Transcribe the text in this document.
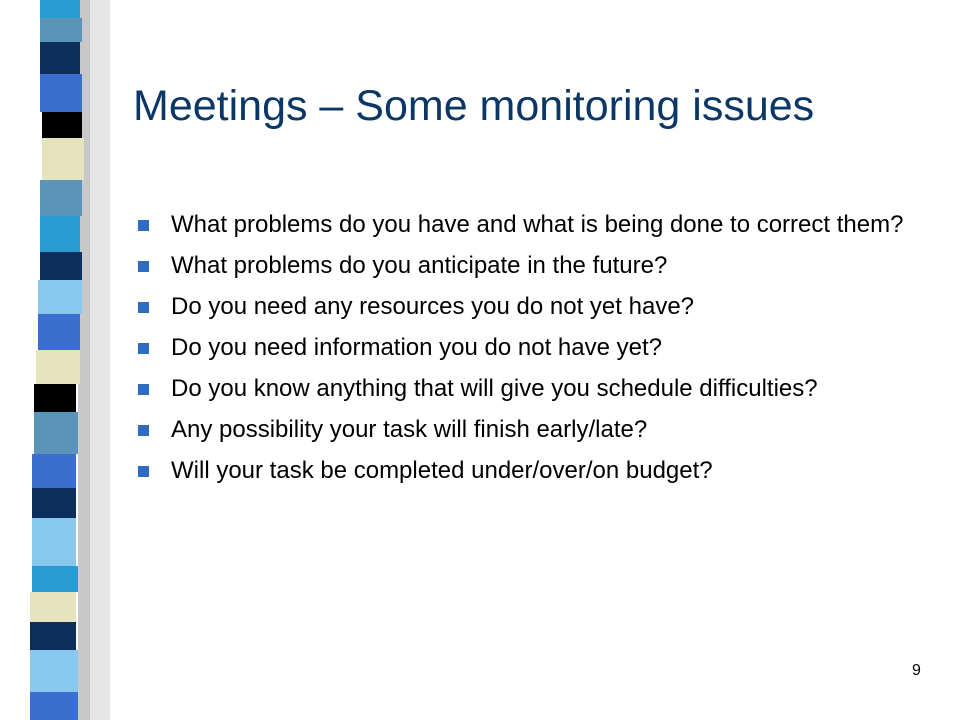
Meetings – Some monitoring issues
What problems do you have and what is being done to correct them?
What problems do you anticipate in the future?
Do you need any resources you do not yet have?
Do you need information you do not have yet?
Do you know anything that will give you schedule difficulties?
Any possibility your task will finish early/late?
Will your task be completed under/over/on budget?
9
